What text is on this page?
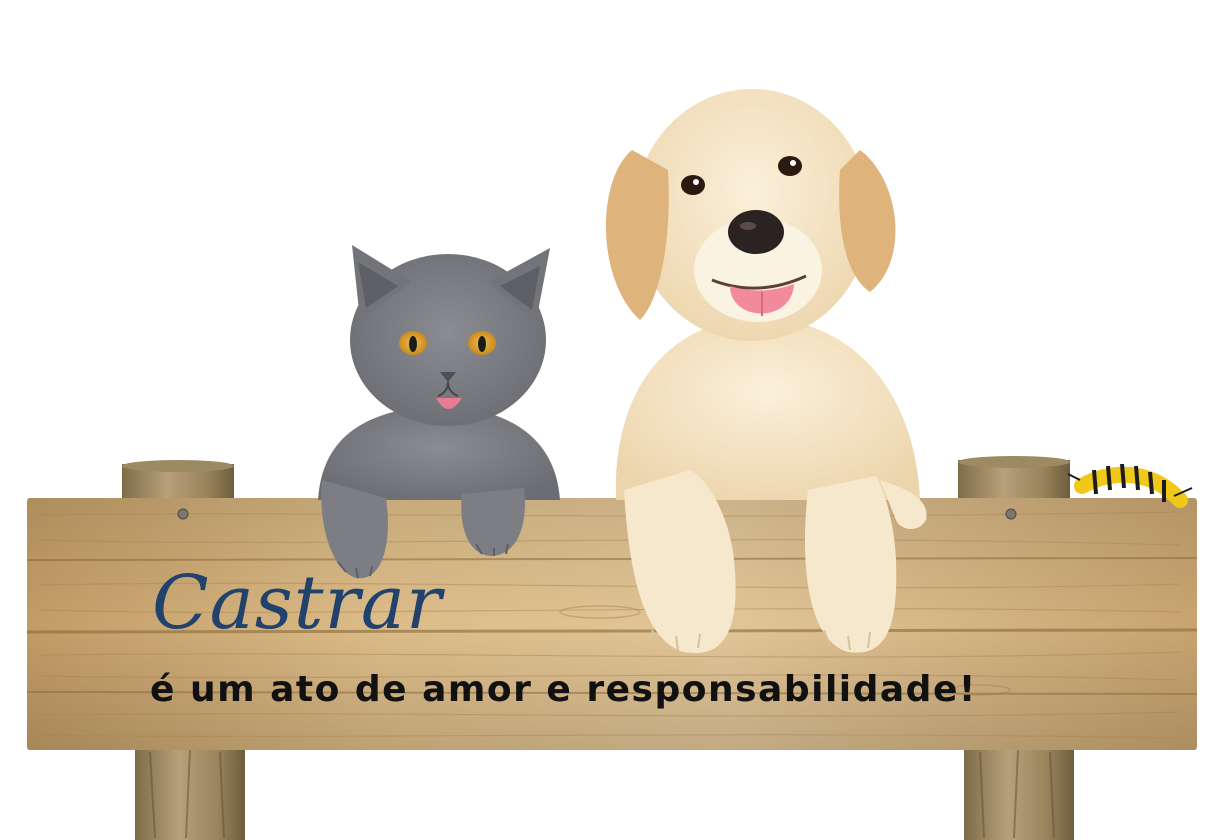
Castrar
é um ato de amor e responsabilidade!
